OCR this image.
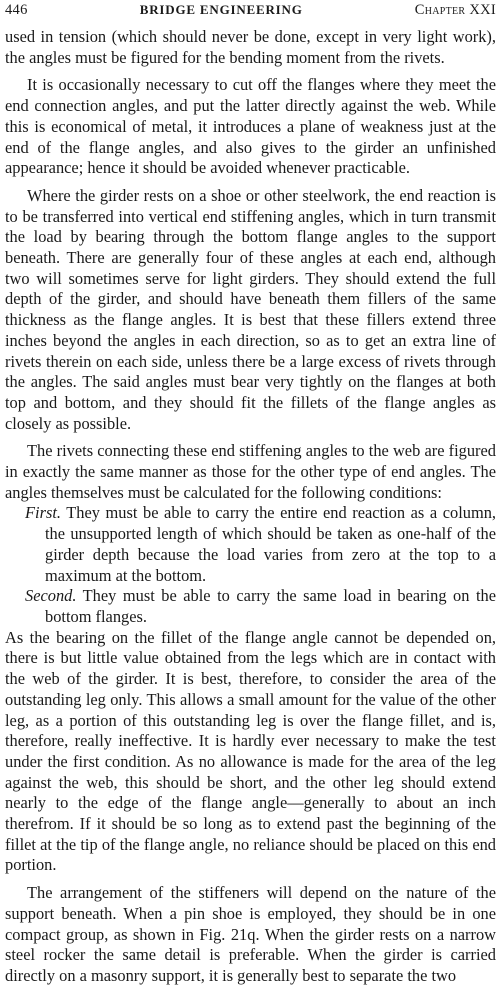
446	BRIDGE ENGINEERING	Chapter XXI

used in tension (which should never be done, except in very light work), the angles must be figured for the bending moment from the rivets.

It is occasionally necessary to cut off the flanges where they meet the end connection angles, and put the latter directly against the web. While this is economical of metal, it introduces a plane of weakness just at the end of the flange angles, and also gives to the girder an unfinished appearance; hence it should be avoided whenever practicable.

Where the girder rests on a shoe or other steelwork, the end reaction is to be transferred into vertical end stiffening angles, which in turn transmit the load by bearing through the bottom flange angles to the support beneath. There are generally four of these angles at each end, although two will sometimes serve for light girders. They should extend the full depth of the girder, and should have beneath them fillers of the same thickness as the flange angles. It is best that these fillers extend three inches beyond the angles in each direction, so as to get an extra line of rivets therein on each side, unless there be a large excess of rivets through the angles. The said angles must bear very tightly on the flanges at both top and bottom, and they should fit the fillets of the flange angles as closely as possible.

The rivets connecting these end stiffening angles to the web are figured in exactly the same manner as those for the other type of end angles. The angles themselves must be calculated for the following conditions:

First. They must be able to carry the entire end reaction as a column, the unsupported length of which should be taken as one-half of the girder depth because the load varies from zero at the top to a maximum at the bottom.

Second. They must be able to carry the same load in bearing on the bottom flanges.

As the bearing on the fillet of the flange angle cannot be depended on, there is but little value obtained from the legs which are in contact with the web of the girder. It is best, therefore, to consider the area of the outstanding leg only. This allows a small amount for the value of the other leg, as a portion of this outstanding leg is over the flange fillet, and is, therefore, really ineffective. It is hardly ever necessary to make the test under the first condition. As no allowance is made for the area of the leg against the web, this should be short, and the other leg should extend nearly to the edge of the flange angle—generally to about an inch therefrom. If it should be so long as to extend past the beginning of the fillet at the tip of the flange angle, no reliance should be placed on this end portion.

The arrangement of the stiffeners will depend on the nature of the support beneath. When a pin shoe is employed, they should be in one compact group, as shown in Fig. 21q. When the girder rests on a narrow steel rocker the same detail is preferable. When the girder is carried directly on a masonry support, it is generally best to separate the two
